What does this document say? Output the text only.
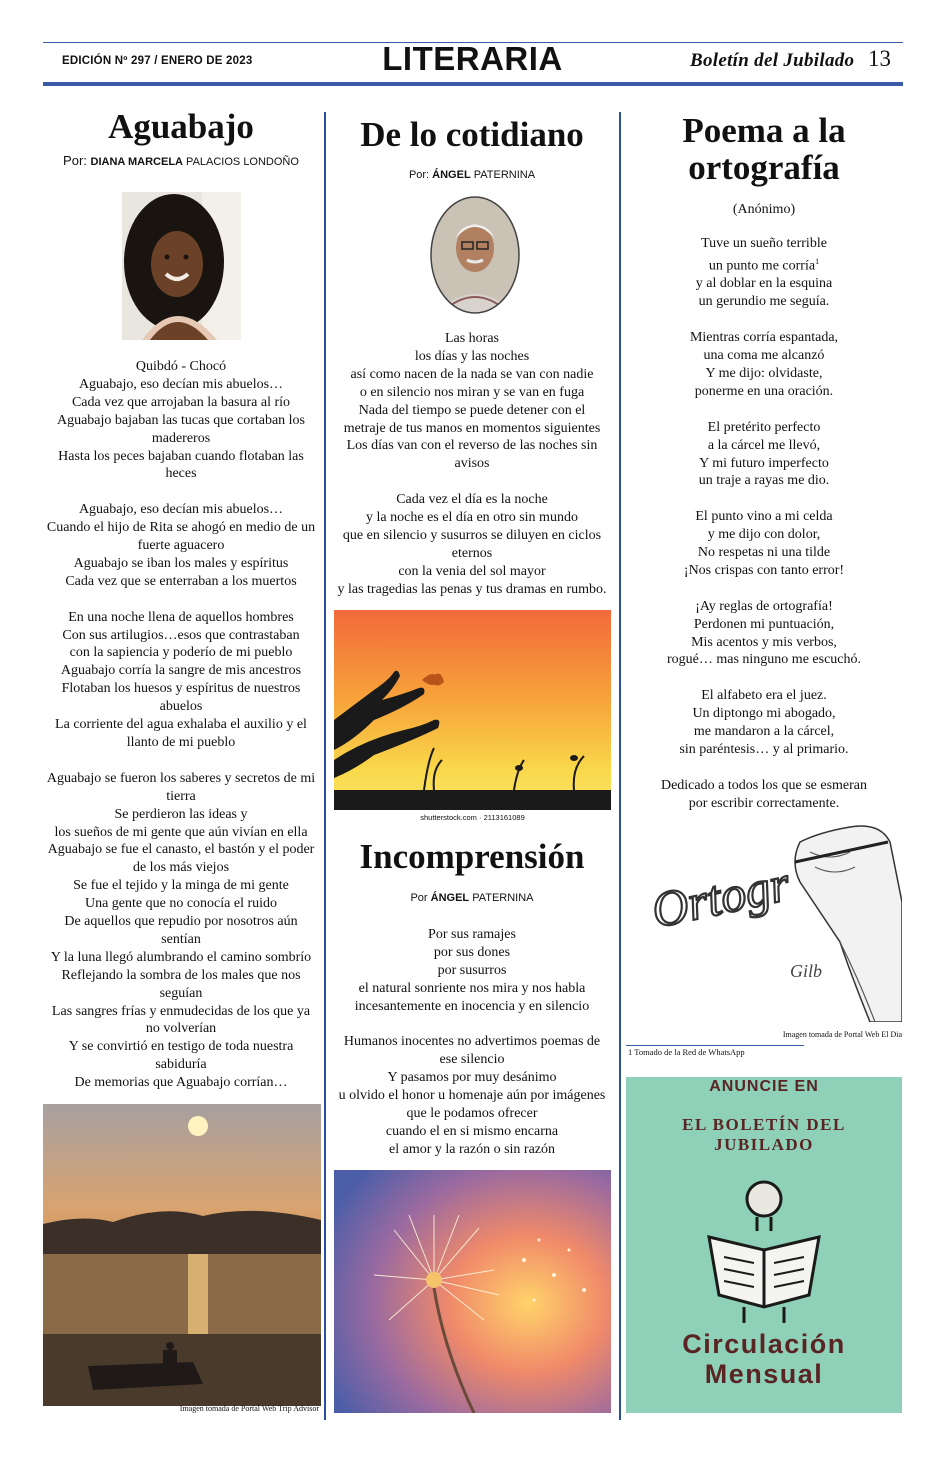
EDICIÓN Nº 297 / ENERO DE 2023	LITERARIA	Boletín del Jubilado 13
Aguabajo
Por: DIANA MARCELA PALACIOS LONDOÑO

Quibdó - Chocó

Aguabajo, eso decían mis abuelos…

Cada vez que arrojaban la basura al río

Aguabajo bajaban las tucas que cortaban los

madereros

Hasta los peces bajaban cuando flotaban las

heces

Aguabajo, eso decían mis abuelos…

Cuando el hijo de Rita se ahogó en medio de un

fuerte aguacero

Aguabajo se iban los males y espíritus

Cada vez que se enterraban a los muertos

En una noche llena de aquellos hombres

Con sus artilugios…esos que contrastaban

con la sapiencia y poderío de mi pueblo

Aguabajo corría la sangre de mis ancestros

Flotaban los huesos y espíritus de nuestros

abuelos

La corriente del agua exhalaba el auxilio y el

llanto de mi pueblo

Aguabajo se fueron los saberes y secretos de mi

tierra

Se perdieron las ideas y

los sueños de mi gente que aún vivían en ella

Aguabajo se fue el canasto, el bastón y el poder

de los más viejos

Se fue el tejido y la minga de mi gente

Una gente que no conocía el ruido

De aquellos que repudio por nosotros aún

sentían

Y la luna llegó alumbrando el camino sombrío

Reflejando la sombra de los males que nos

seguían

Las sangres frías y enmudecidas de los que ya

no volverían

Y se convirtió en testigo de toda nuestra

sabiduría

De memorias que Aguabajo corrían…

Imagen tomada de Portal Web Trip Advisor
De lo cotidiano
Por: ÁNGEL PATERNINA

Las horas

los días y las noches

así como nacen de la nada se van con nadie

o en silencio nos miran y se van en fuga

Nada del tiempo se puede detener con el

metraje de tus manos en momentos siguientes

Los días van con el reverso de las noches sin

avisos

Cada vez el día es la noche

y la noche es el día en otro sin mundo

que en silencio y susurros se diluyen en ciclos

eternos

con la venia del sol mayor

y las tragedias las penas y tus dramas en rumbo.

shutterstock.com · 2113161089
Incomprensión
Por ÁNGEL PATERNINA

Por sus ramajes

por sus dones

por susurros

el natural sonriente nos mira y nos habla

incesantemente en inocencia y en silencio

Humanos inocentes no advertimos poemas de

ese silencio

Y pasamos por muy desánimo

u olvido el honor u homenaje aún por imágenes

que le podamos ofrecer

cuando el en si mismo encarna

el amor y la razón o sin razón

Poema a la
ortografía
(Anónimo)

Tuve un sueño terrible

un punto me corría$^1$

y al doblar en la esquina

un gerundio me seguía.

Mientras corría espantada,

una coma me alcanzó

Y me dijo: olvidaste,

ponerme en una oración.

El pretérito perfecto

a la cárcel me llevó,

Y mi futuro imperfecto

un traje a rayas me dio.

El punto vino a mi celda

y me dijo con dolor,

No respetas ni una tilde

¡Nos crispas con tanto error!

¡Ay reglas de ortografía!

Perdonen mi puntuación,

Mis acentos y mis verbos,

rogué… mas ninguno me escuchó.

El alfabeto era el juez.

Un diptongo mi abogado,

me mandaron a la cárcel,

sin paréntesis… y al primario.

Dedicado a todos los que se esmeran

por escribir correctamente.

Ortogr
Gilb
Imagen tomada de Portal Web El Dia
1 Tomado de la Red de WhatsApp
ANUNCIE EN
EL BOLETÍN DEL
JUBILADO
Circulación
Mensual
